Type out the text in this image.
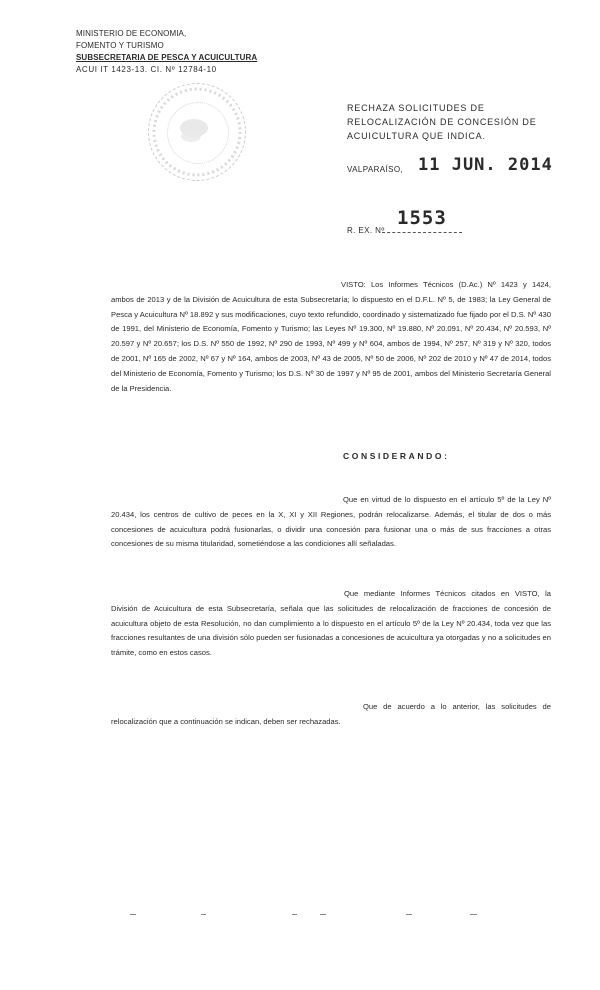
MINISTERIO DE ECONOMIA,
FOMENTO Y TURISMO
SUBSECRETARIA DE PESCA Y ACUICULTURA
ACUI IT 1423-13. CI. Nº 12784-10
RECHAZA SOLICITUDES DE RELOCALIZACIÓN DE CONCESIÓN DE ACUICULTURA QUE INDICA.
VALPARAÍSO, 11 JUN. 2014
R. EX. Nº
1553
VISTO: Los Informes Técnicos (D.Ac.) Nº 1423 y 1424, ambos de 2013 y de la División de Acuicultura de esta Subsecretaría; lo dispuesto en el D.F.L. Nº 5, de 1983; la Ley General de Pesca y Acuicultura Nº 18.892 y sus modificaciones, cuyo texto refundido, coordinado y sistematizado fue fijado por el D.S. Nº 430 de 1991, del Ministerio de Economía, Fomento y Turismo; las Leyes Nº 19.300, Nº 19.880, Nº 20.091, Nº 20.434, Nº 20.593, Nº 20.597 y Nº 20.657; los D.S. Nº 550 de 1992, Nº 290 de 1993, Nº 499 y Nº 604, ambos de 1994, Nº 257, Nº 319 y Nº 320, todos de 2001, Nº 165 de 2002, Nº 67 y Nº 164, ambos de 2003, Nº 43 de 2005, Nº 50 de 2006, Nº 202 de 2010 y Nº 47 de 2014, todos del Ministerio de Economía, Fomento y Turismo; los D.S. Nº 30 de 1997 y Nº 95 de 2001, ambos del Ministerio Secretaría General de la Presidencia.
CONSIDERANDO:
Que en virtud de lo dispuesto en el artículo 5º de la Ley Nº 20.434, los centros de cultivo de peces en la X, XI y XII Regiones, podrán relocalizarse. Además, el titular de dos o más concesiones de acuicultura podrá fusionarlas, o dividir una concesión para fusionar una o más de sus fracciones a otras concesiones de su misma titularidad, sometiéndose a las condiciones allí señaladas.
Que mediante Informes Técnicos citados en VISTO, la División de Acuicultura de esta Subsecretaría, señala que las solicitudes de relocalización de fracciones de concesión de acuicultura objeto de esta Resolución, no dan cumplimiento a lo dispuesto en el artículo 5º de la Ley Nº 20.434, toda vez que las fracciones resultantes de una división sólo pueden ser fusionadas a concesiones de acuicultura ya otorgadas y no a solicitudes en trámite, como en estos casos.
Que de acuerdo a lo anterior, las solicitudes de relocalización que a continuación se indican, deben ser rechazadas.
